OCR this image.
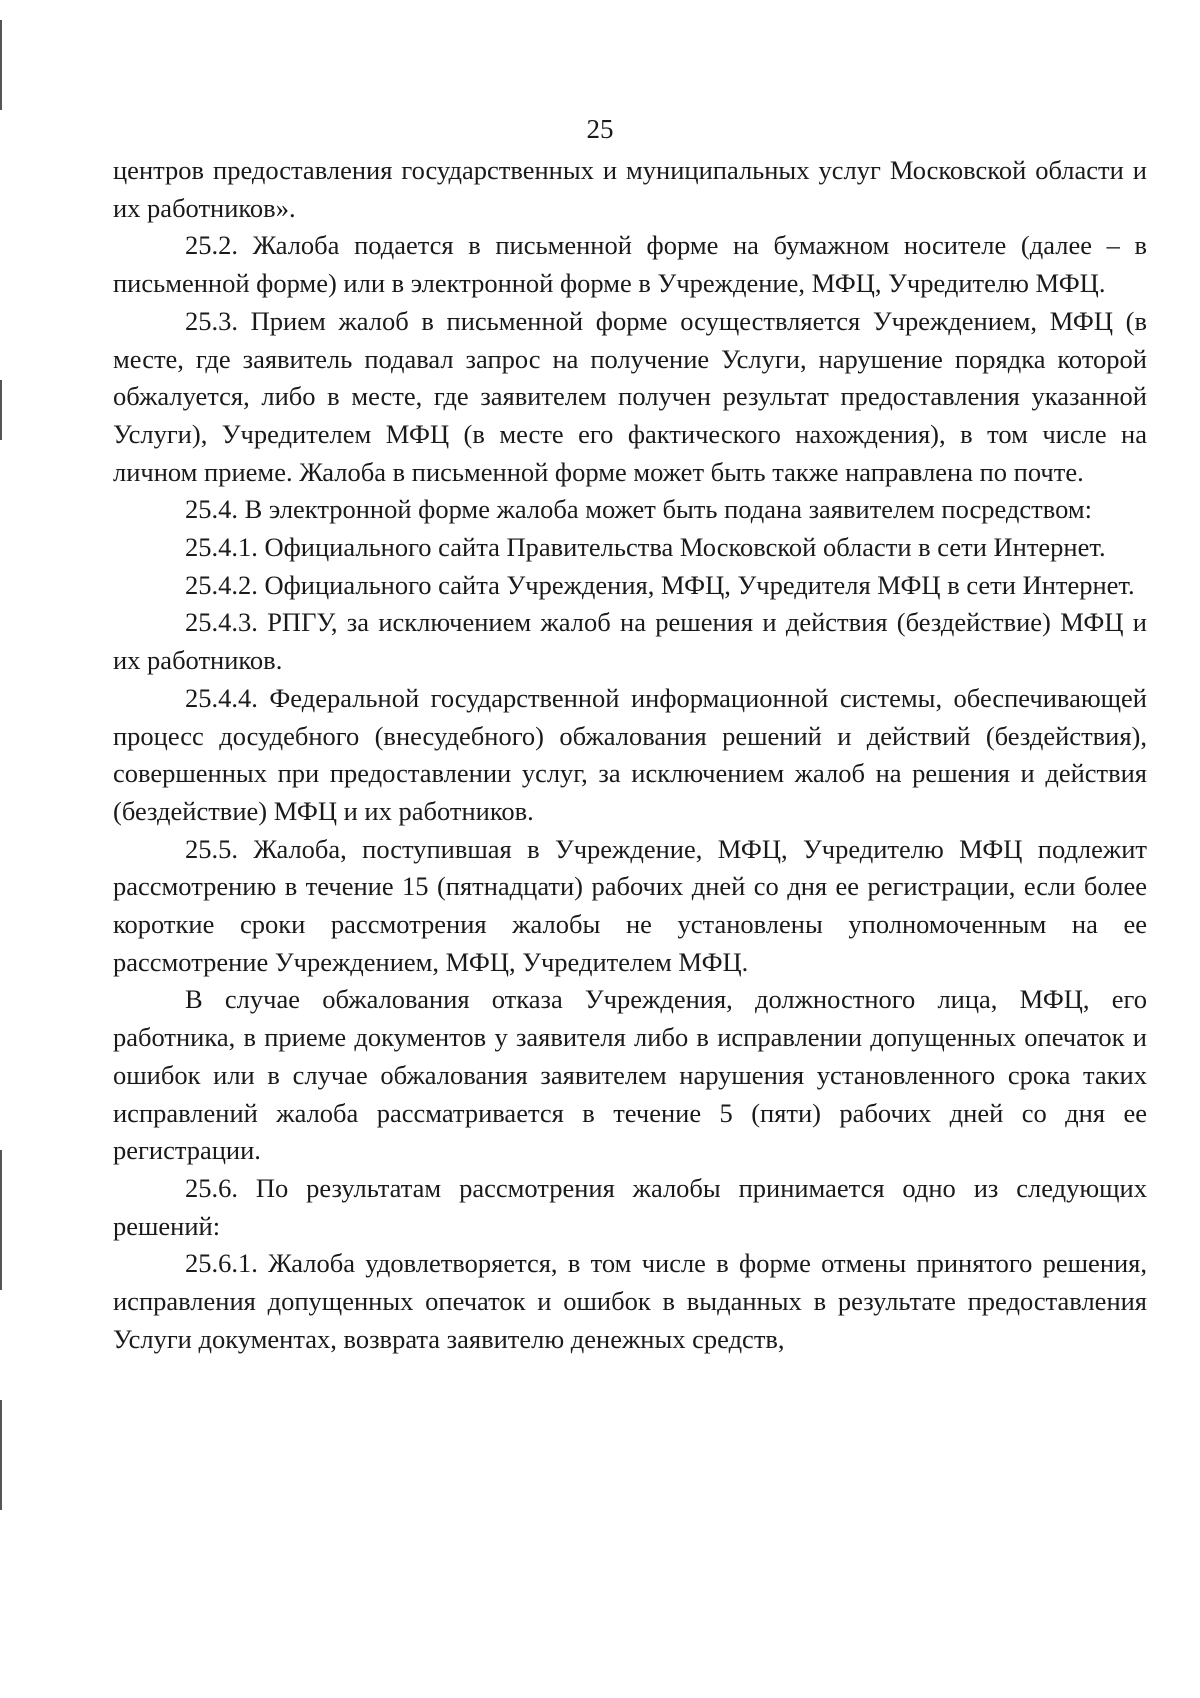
25

центров предоставления государственных и муниципальных услуг Московской области и их работников».

25.2. Жалоба подается в письменной форме на бумажном носителе (далее – в письменной форме) или в электронной форме в Учреждение, МФЦ, Учредителю МФЦ.

25.3. Прием жалоб в письменной форме осуществляется Учреждением, МФЦ (в месте, где заявитель подавал запрос на получение Услуги, нарушение порядка которой обжалуется, либо в месте, где заявителем получен результат предоставления указанной Услуги), Учредителем МФЦ (в месте его фактического нахождения), в том числе на личном приеме. Жалоба в письменной форме может быть также направлена по почте.

25.4. В электронной форме жалоба может быть подана заявителем посредством:

25.4.1. Официального сайта Правительства Московской области в сети Интернет.

25.4.2. Официального сайта Учреждения, МФЦ, Учредителя МФЦ в сети Интернет.

25.4.3. РПГУ, за исключением жалоб на решения и действия (бездействие) МФЦ и их работников.

25.4.4. Федеральной государственной информационной системы, обеспечивающей процесс досудебного (внесудебного) обжалования решений и действий (бездействия), совершенных при предоставлении услуг, за исключением жалоб на решения и действия (бездействие) МФЦ и их работников.

25.5. Жалоба, поступившая в Учреждение, МФЦ, Учредителю МФЦ подлежит рассмотрению в течение 15 (пятнадцати) рабочих дней со дня ее регистрации, если более короткие сроки рассмотрения жалобы не установлены уполномоченным на ее рассмотрение Учреждением, МФЦ, Учредителем МФЦ.

В случае обжалования отказа Учреждения, должностного лица, МФЦ, его работника, в приеме документов у заявителя либо в исправлении допущенных опечаток и ошибок или в случае обжалования заявителем нарушения установленного срока таких исправлений жалоба рассматривается в течение 5 (пяти) рабочих дней со дня ее регистрации.

25.6. По результатам рассмотрения жалобы принимается одно из следующих решений:

25.6.1. Жалоба удовлетворяется, в том числе в форме отмены принятого решения, исправления допущенных опечаток и ошибок в выданных в результате предоставления Услуги документах, возврата заявителю денежных средств,
